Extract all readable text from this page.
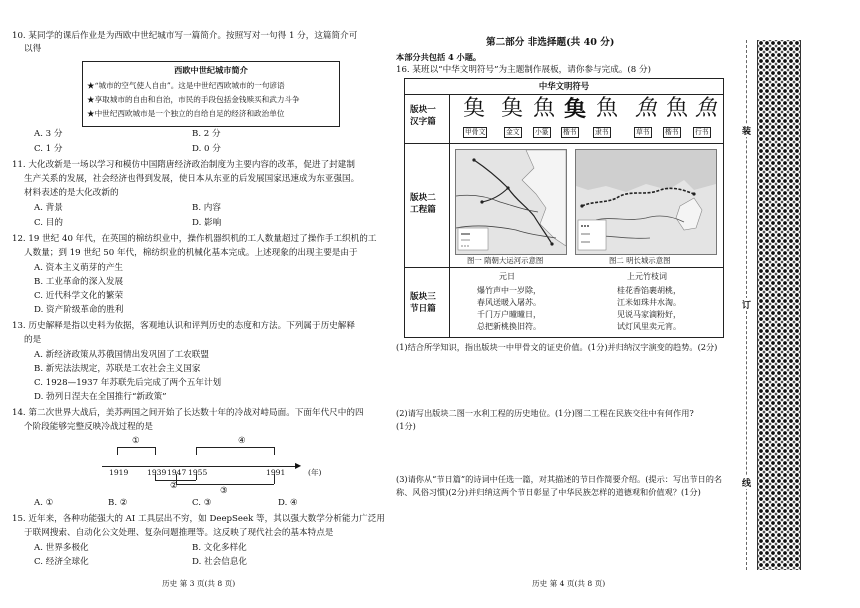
10. 某同学的课后作业是为西欧中世纪城市写一篇简介。按照写对一句得 1 分，这篇简介可
以得
西欧中世纪城市简介
★“城市的空气使人自由”。这是中世纪西欧城市的一句谚语
★享取城市的自由和自治，市民的手段包括金钱赎买和武力斗争
★中世纪西欧城市是一个独立的自给自足的经济和政治单位
A. 3 分	B. 2 分
C. 1 分	D. 0 分
11. 大化改新是一场以学习和模仿中国隋唐经济政治制度为主要内容的改革，促进了封建制
生产关系的发展，社会经济也得到发展，使日本从东亚的后发展国家迅速成为东亚强国。
材料表述的是大化改新的
A. 背景	B. 内容
C. 目的	D. 影响
12. 19 世纪 40 年代，在英国的棉纺织业中，操作机器织机的工人数量超过了操作手工织机的工
人数量；到 19 世纪 50 年代，棉纺织业的机械化基本完成。上述现象的出现主要是由于
A. 资本主义萌芽的产生
B. 工业革命的深入发展
C. 近代科学文化的繁荣
D. 资产阶级革命的胜利
13. 历史解释是指以史料为依据，客观地认识和评判历史的态度和方法。下列属于历史解释
的是
A. 新经济政策从苏俄国情出发巩固了工农联盟
B. 新宪法法规定，苏联是工农社会主义国家
C. 1928—1937 年苏联先后完成了两个五年计划
D. 勃列日涅夫在全国推行“新政策”
14. 第二次世界大战后，美苏两国之间开始了长达数十年的冷战对峙局面。下面年代尺中的四
个阶段能够完整反映冷战过程的是
①	④
▶
1919 1939 1947 1955	1991	(年)
②	③
A. ①	B. ②	C. ③	D. ④
15. 近年来，各种功能强大的 AI 工具层出不穷，如 DeepSeek 等，其以强大数学分析能力广泛用
于联网搜索、自动化公文处理、复杂问题推理等。这反映了现代社会的基本特点是
A. 世界多极化	B. 文化多样化
C. 经济全球化	D. 社会信息化
历史 第 3 页(共 8 页)
第二部分 非选择题(共 40 分)
本部分共包括 4 小题。
16. 某班以“中华文明符号”为主题制作展板，请你参与完成。(8 分)
中华文明符号
版块一
汉字篇
𩵋 𩵋 魚 𩵋 魚 魚 魚 魚
甲骨文	金文 小篆 楷书	隶书	草书 楷书 行书
版块二
工程篇
图一 隋朝大运河示意图	图二 明长城示意图
版块三
节日篇
元日
爆竹声中一岁除，
春风送暖入屠苏。
千门万户曈曈日，
总把新桃换旧符。
上元竹枝词
桂花香馅裹胡桃，
江米如珠井水淘。
见说马家滴粉好，
试灯风里卖元宵。
(1)结合所学知识，指出版块一中甲骨文的证史价值。(1分)并归纳汉字演变的趋势。(2分)
(2)请写出版块二图一水利工程的历史地位。(1分)图二工程在民族交往中有何作用?
(1分)
(3)请你从“节日篇”的诗词中任选一篇，对其描述的节日作简要介绍。(提示：写出节日的名
称、风俗习惯)(2分)并归纳这两个节日彰显了中华民族怎样的道德观和价值观？(1分)
历史 第 4 页(共 8 页)
装
订
线
